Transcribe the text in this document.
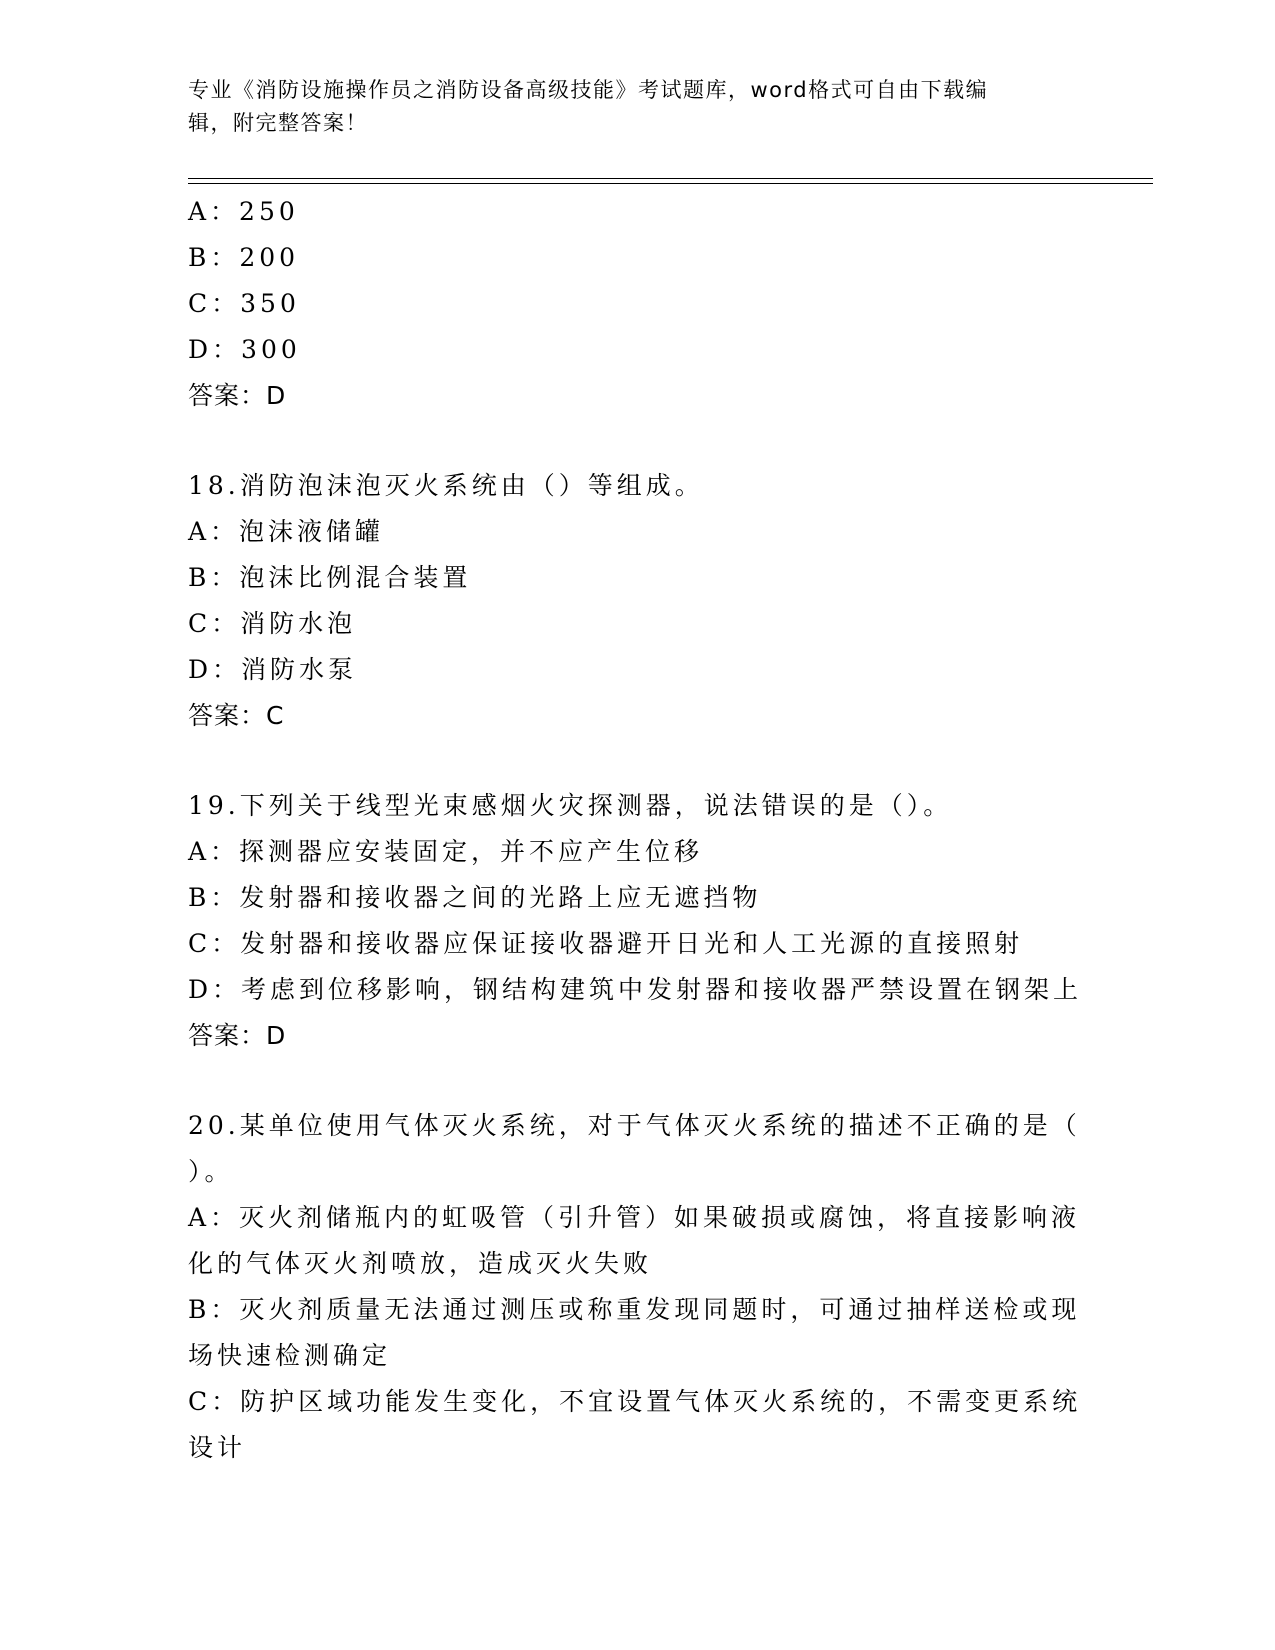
专业《消防设施操作员之消防设备高级技能》考试题库，word格式可自由下载编
辑，附完整答案！
A：250
B：200
C：350
D：300
答案：D
18.消防泡沫泡灭火系统由（）等组成。
A：泡沫液储罐
B：泡沫比例混合装置
C：消防水泡
D：消防水泵
答案：C
19.下列关于线型光束感烟火灾探测器，说法错误的是（）。
A：探测器应安装固定，并不应产生位移
B：发射器和接收器之间的光路上应无遮挡物
C：发射器和接收器应保证接收器避开日光和人工光源的直接照射
D：考虑到位移影响，钢结构建筑中发射器和接收器严禁设置在钢架上
答案：D
20.某单位使用气体灭火系统，对于气体灭火系统的描述不正确的是（
）。
A：灭火剂储瓶内的虹吸管（引升管）如果破损或腐蚀，将直接影响液
化的气体灭火剂喷放，造成灭火失败
B：灭火剂质量无法通过测压或称重发现同题时，可通过抽样送检或现
场快速检测确定
C：防护区域功能发生变化，不宜设置气体灭火系统的，不需变更系统
设计
